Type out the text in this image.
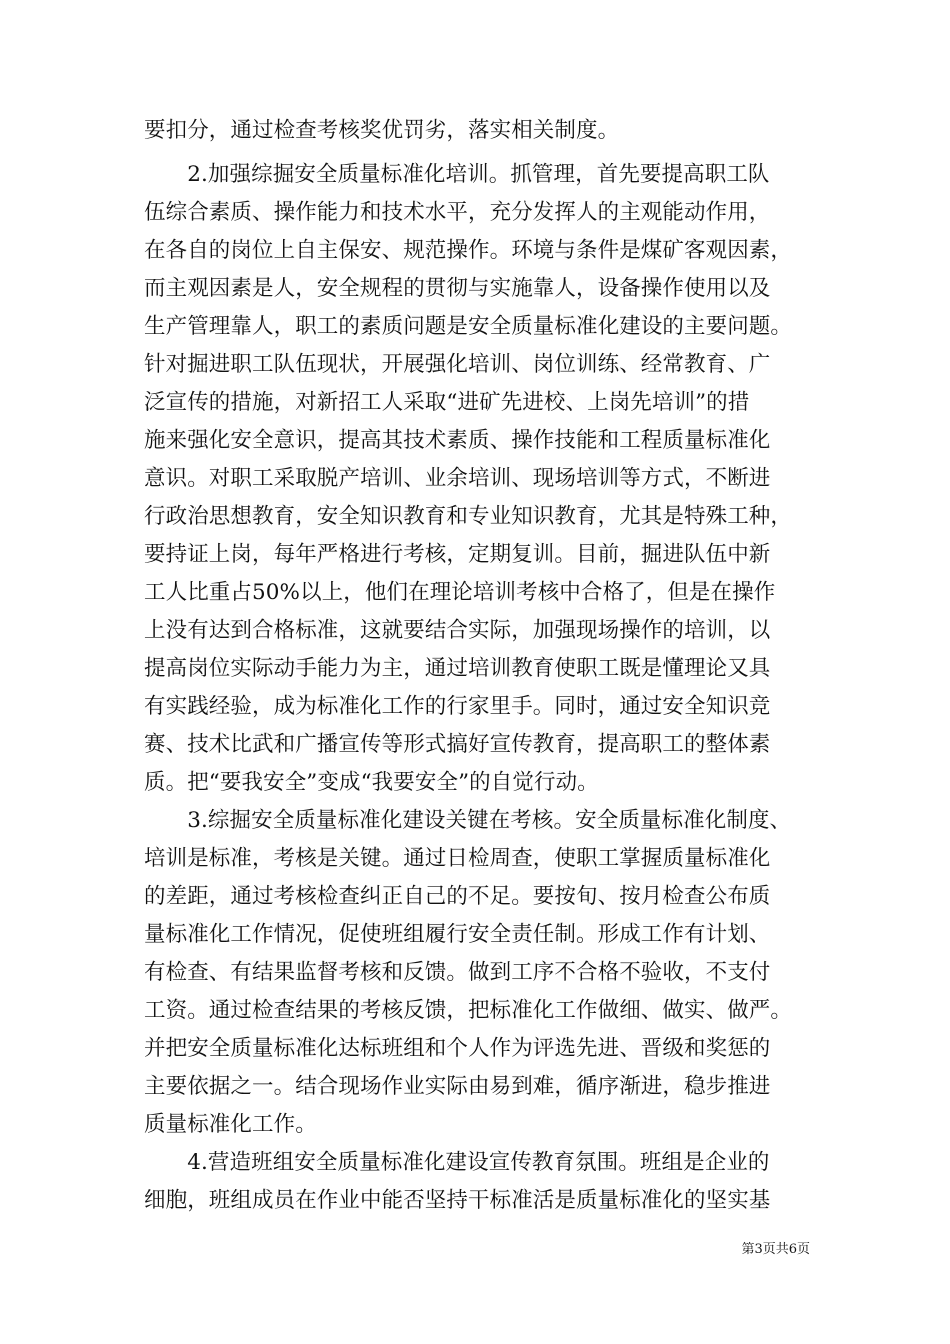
要扣分，通过检查考核奖优罚劣，落实相关制度。
　　2.加强综掘安全质量标准化培训。抓管理，首先要提高职工队
伍综合素质、操作能力和技术水平，充分发挥人的主观能动作用，
在各自的岗位上自主保安、规范操作。环境与条件是煤矿客观因素，
而主观因素是人，安全规程的贯彻与实施靠人，设备操作使用以及
生产管理靠人，职工的素质问题是安全质量标准化建设的主要问题。
针对掘进职工队伍现状，开展强化培训、岗位训练、经常教育、广
泛宣传的措施，对新招工人采取“进矿先进校、上岗先培训”的措
施来强化安全意识，提高其技术素质、操作技能和工程质量标准化
意识。对职工采取脱产培训、业余培训、现场培训等方式，不断进
行政治思想教育，安全知识教育和专业知识教育，尤其是特殊工种，
要持证上岗，每年严格进行考核，定期复训。目前，掘进队伍中新
工人比重占50%以上，他们在理论培训考核中合格了，但是在操作
上没有达到合格标准，这就要结合实际，加强现场操作的培训，以
提高岗位实际动手能力为主，通过培训教育使职工既是懂理论又具
有实践经验，成为标准化工作的行家里手。同时，通过安全知识竞
赛、技术比武和广播宣传等形式搞好宣传教育，提高职工的整体素
质。把“要我安全”变成“我要安全”的自觉行动。
　　3.综掘安全质量标准化建设关键在考核。安全质量标准化制度、
培训是标准，考核是关键。通过日检周查，使职工掌握质量标准化
的差距，通过考核检查纠正自己的不足。要按旬、按月检查公布质
量标准化工作情况，促使班组履行安全责任制。形成工作有计划、
有检查、有结果监督考核和反馈。做到工序不合格不验收，不支付
工资。通过检查结果的考核反馈，把标准化工作做细、做实、做严。
并把安全质量标准化达标班组和个人作为评选先进、晋级和奖惩的
主要依据之一。结合现场作业实际由易到难，循序渐进，稳步推进
质量标准化工作。
　　4.营造班组安全质量标准化建设宣传教育氛围。班组是企业的
细胞，班组成员在作业中能否坚持干标准活是质量标准化的坚实基
第3页共6页
